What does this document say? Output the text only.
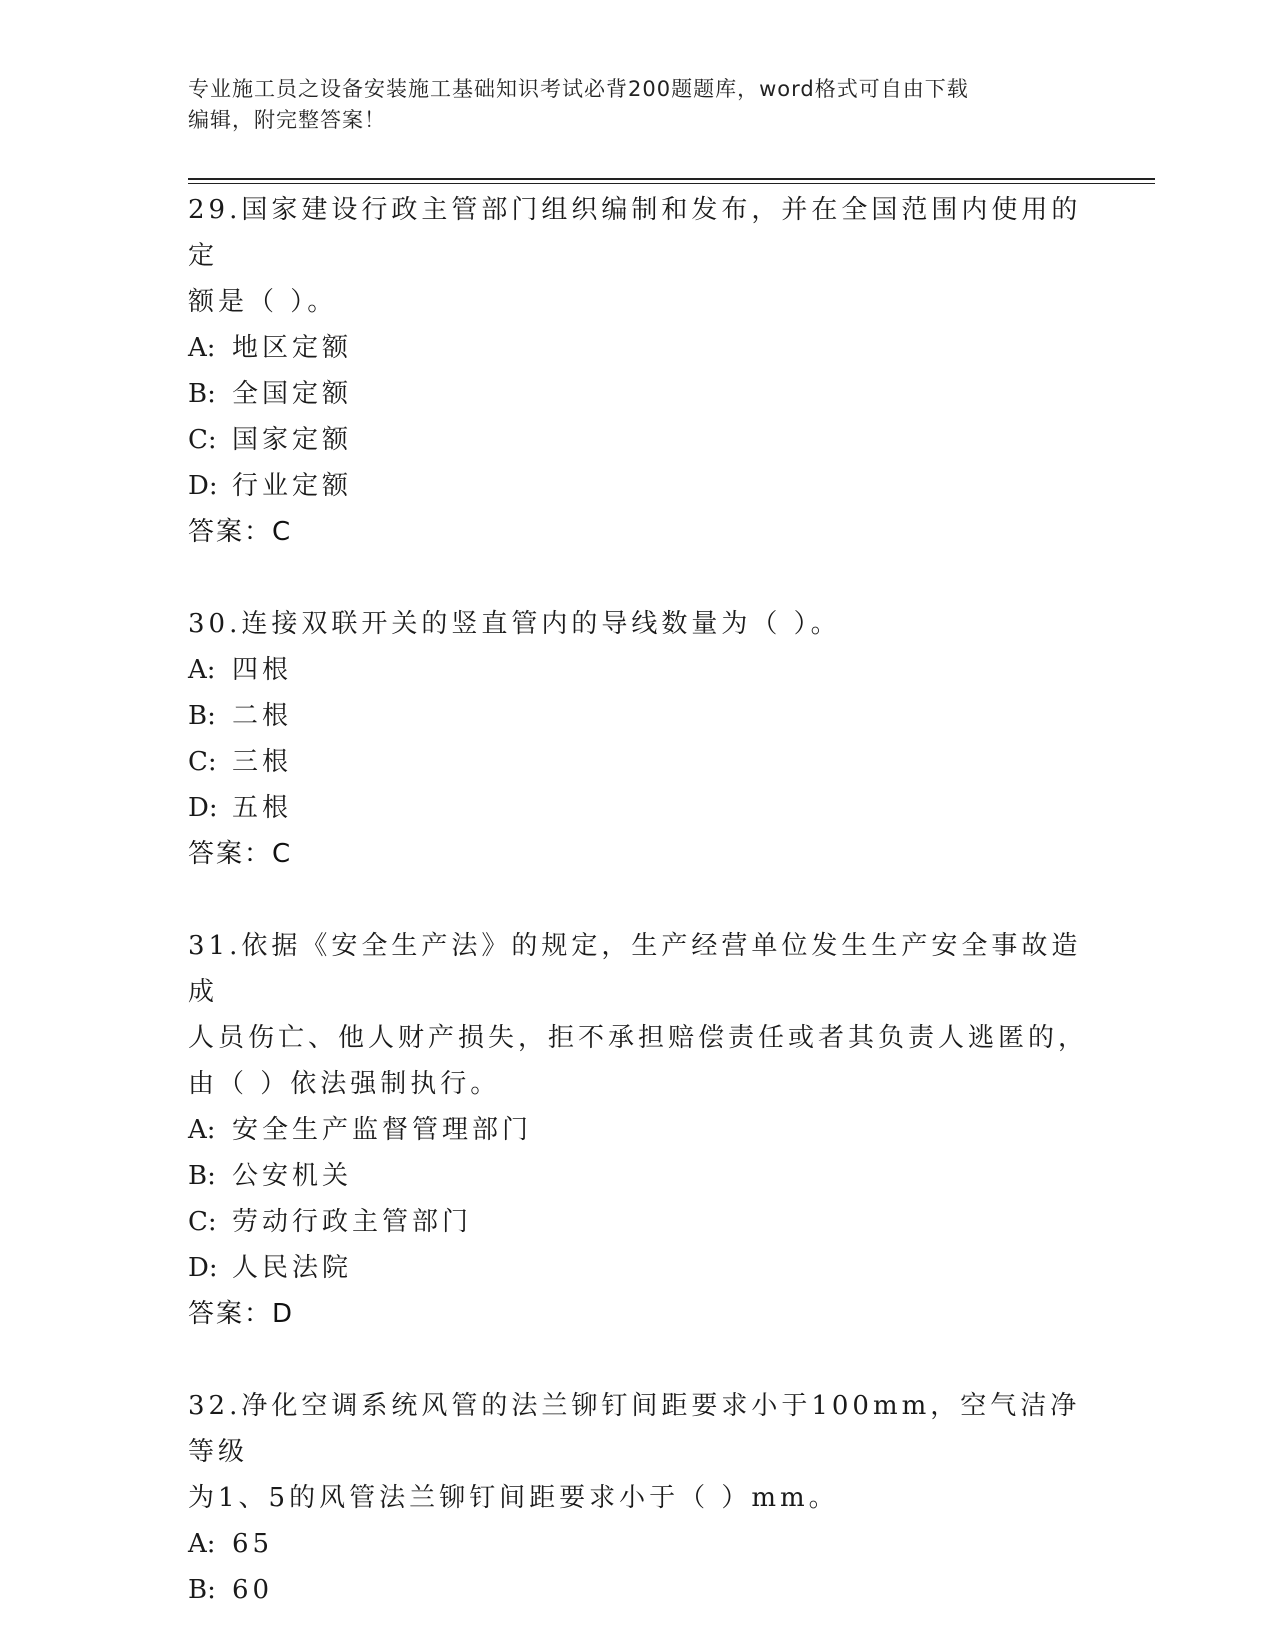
专业施工员之设备安装施工基础知识考试必背200题题库，word格式可自由下载
编辑，附完整答案！
29.国家建设行政主管部门组织编制和发布，并在全国范围内使用的定
额是（ ）。
A: 地区定额
B: 全国定额
C: 国家定额
D: 行业定额
答案：C
30.连接双联开关的竖直管内的导线数量为（ ）。
A: 四根
B: 二根
C: 三根
D: 五根
答案：C
31.依据《安全生产法》的规定，生产经营单位发生生产安全事故造成
人员伤亡、他人财产损失，拒不承担赔偿责任或者其负责人逃匿的，
由（ ）依法强制执行。
A: 安全生产监督管理部门
B: 公安机关
C: 劳动行政主管部门
D: 人民法院
答案：D
32.净化空调系统风管的法兰铆钉间距要求小于100mm，空气洁净等级
为1、5的风管法兰铆钉间距要求小于（ ）mm。
A: 65
B: 60
